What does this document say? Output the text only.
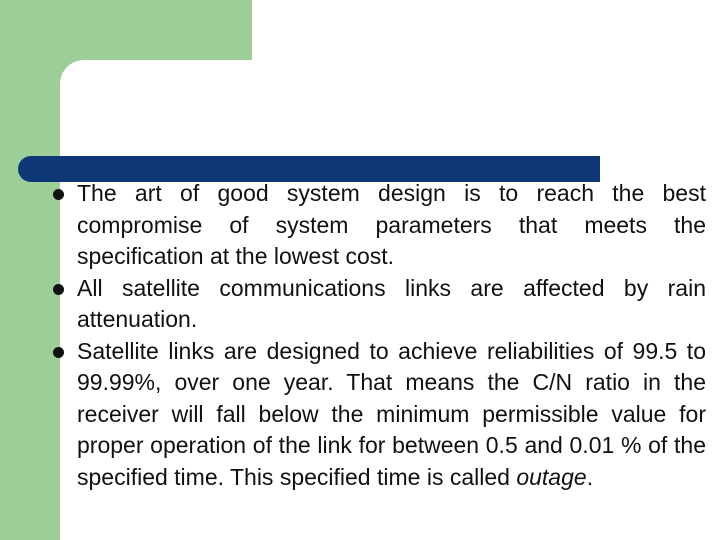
The art of good system design is to reach the best compromise of system parameters that meets the specification at the lowest cost.
All satellite communications links are affected by rain attenuation.
Satellite links are designed to achieve reliabilities of 99.5 to 99.99%, over one year. That means the C/N ratio in the receiver will fall below the minimum permissible value for proper operation of the link for between 0.5 and 0.01 % of the specified time. This specified time is called outage.
